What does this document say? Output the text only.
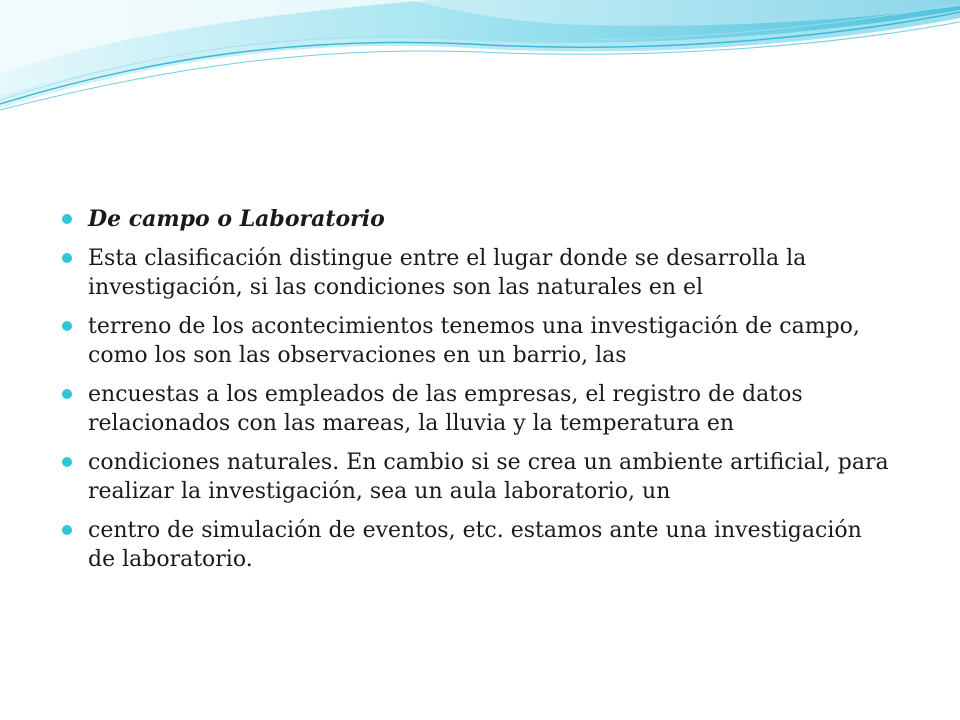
De campo o Laboratorio
Esta clasificación distingue entre el lugar donde se desarrolla la investigación, si las condiciones son las naturales en el
terreno de los acontecimientos tenemos una investigación de campo, como los son las observaciones en un barrio, las
encuestas a los empleados de las empresas, el registro de datos relacionados con las mareas, la lluvia y la temperatura en
condiciones naturales. En cambio si se crea un ambiente artificial, para realizar la investigación, sea un aula laboratorio, un
centro de simulación de eventos, etc. estamos ante una investigación de laboratorio.
